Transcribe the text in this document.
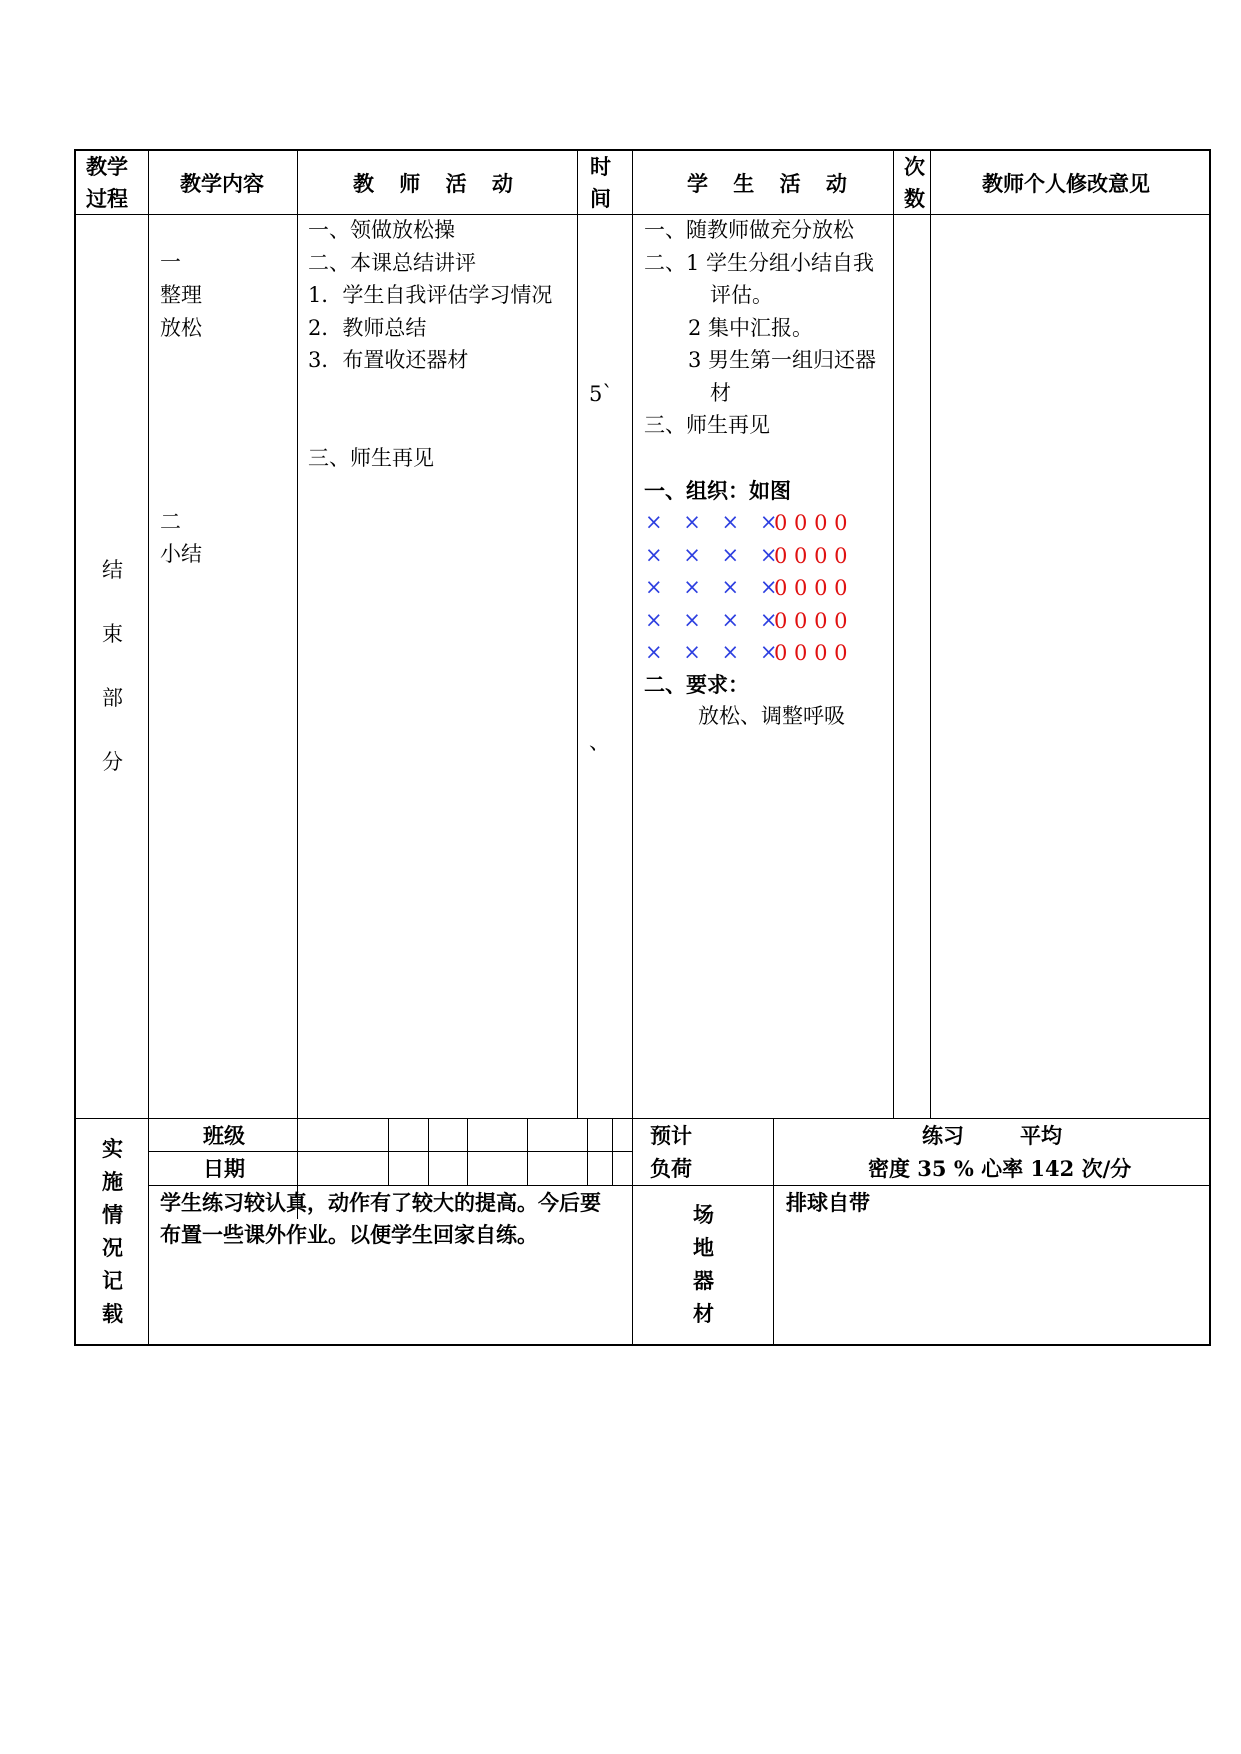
教学
过程
教学内容	教 师 活 动
时
间
学 生 活 动
次
数
教师个人修改意见
结
束
部
分
一
整理
放松
二
小结
一、领做放松操
二、本课总结讲评
1．学生自我评估学习情况
2．教师总结
3．布置收还器材
三、师生再见
5`
、
一、随教师做充分放松
二、1 学生分组小结自我
评估。
2 集中汇报。
3 男生第一组归还器
材
三、师生再见
一、组织：如图
× × × ×
0 0 0 0
× × × ×
0 0 0 0
× × × ×
0 0 0 0
× × × ×
0 0 0 0
× × × ×
0 0 0 0
二、要求：
放松、调整呼吸
实
施
情
况
记
载
班级
日期
预计
负荷
练习	平均
密度 35 % 心率 142 次/分
学生练习较认真，动作有了较大的提高。今后要
布置一些课外作业。以便学生回家自练。
场
地
器
材
排球自带
